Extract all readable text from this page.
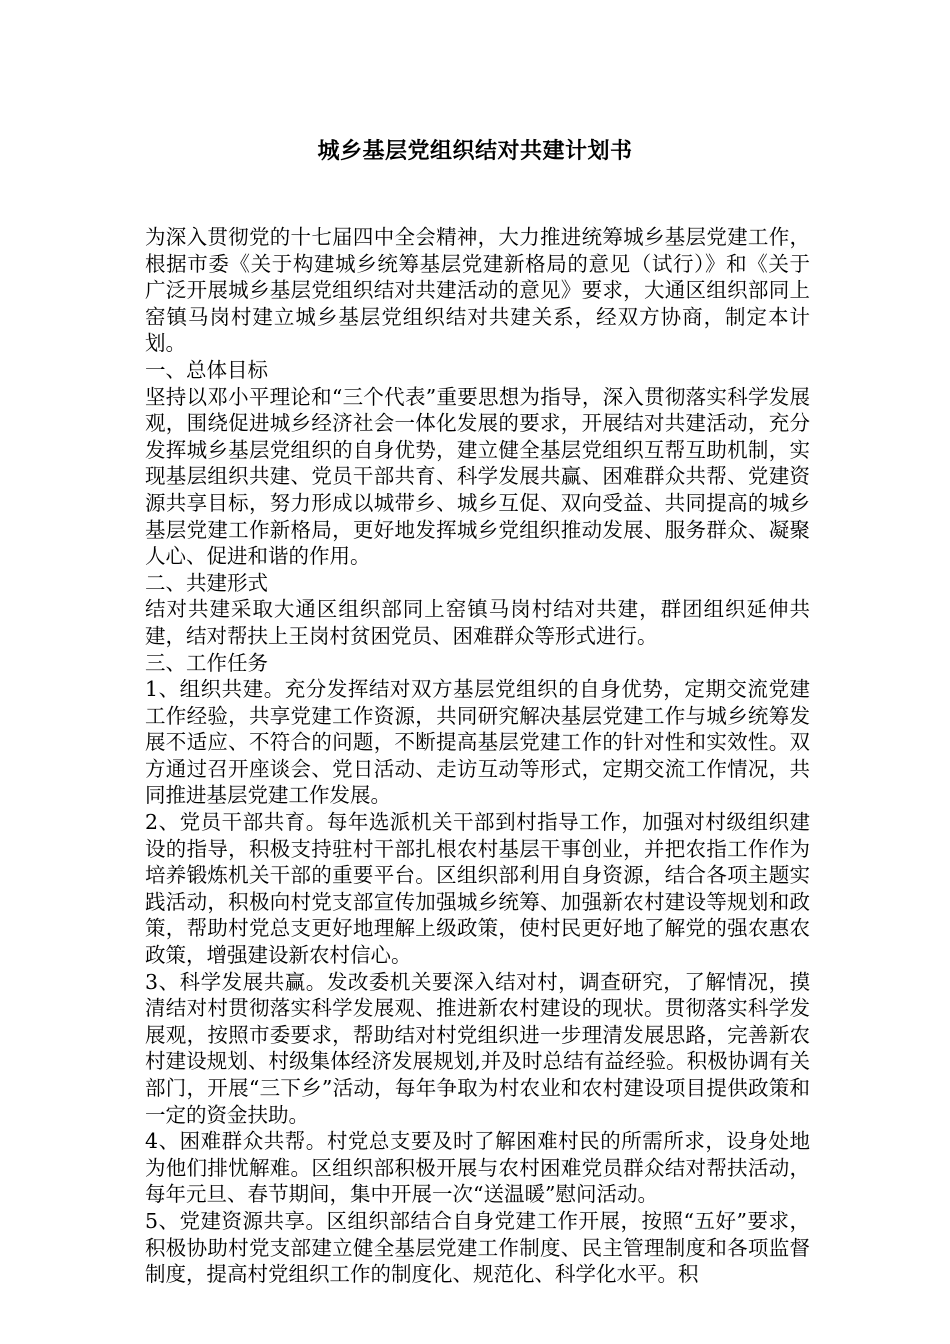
城乡基层党组织结对共建计划书

为深入贯彻党的十七届四中全会精神，大力推进统筹城乡基层党建工作，根据市委《关于构建城乡统筹基层党建新格局的意见（试行）》和《关于广泛开展城乡基层党组织结对共建活动的意见》要求，大通区组织部同上窑镇马岗村建立城乡基层党组织结对共建关系，经双方协商，制定本计划。

一、总体目标

坚持以邓小平理论和“三个代表”重要思想为指导，深入贯彻落实科学发展观，围绕促进城乡经济社会一体化发展的要求，开展结对共建活动，充分发挥城乡基层党组织的自身优势，建立健全基层党组织互帮互助机制，实现基层组织共建、党员干部共育、科学发展共赢、困难群众共帮、党建资源共享目标，努力形成以城带乡、城乡互促、双向受益、共同提高的城乡基层党建工作新格局，更好地发挥城乡党组织推动发展、服务群众、凝聚人心、促进和谐的作用。

二、共建形式

结对共建采取大通区组织部同上窑镇马岗村结对共建，群团组织延伸共建，结对帮扶上王岗村贫困党员、困难群众等形式进行。

三、工作任务

1、组织共建。充分发挥结对双方基层党组织的自身优势，定期交流党建工作经验，共享党建工作资源，共同研究解决基层党建工作与城乡统筹发展不适应、不符合的问题，不断提高基层党建工作的针对性和实效性。双方通过召开座谈会、党日活动、走访互动等形式，定期交流工作情况，共同推进基层党建工作发展。

2、党员干部共育。每年选派机关干部到村指导工作，加强对村级组织建设的指导，积极支持驻村干部扎根农村基层干事创业，并把农指工作作为培养锻炼机关干部的重要平台。区组织部利用自身资源，结合各项主题实践活动，积极向村党支部宣传加强城乡统筹、加强新农村建设等规划和政策，帮助村党总支更好地理解上级政策，使村民更好地了解党的强农惠农政策，增强建设新农村信心。

3、科学发展共赢。发改委机关要深入结对村，调查研究，了解情况，摸清结对村贯彻落实科学发展观、推进新农村建设的现状。贯彻落实科学发展观，按照市委要求，帮助结对村党组织进一步理清发展思路，完善新农村建设规划、村级集体经济发展规划,并及时总结有益经验。积极协调有关部门，开展“三下乡”活动，每年争取为村农业和农村建设项目提供政策和一定的资金扶助。

4、困难群众共帮。村党总支要及时了解困难村民的所需所求，设身处地为他们排忧解难。区组织部积极开展与农村困难党员群众结对帮扶活动，每年元旦、春节期间，集中开展一次“送温暖”慰问活动。

5、党建资源共享。区组织部结合自身党建工作开展，按照“五好”要求，积极协助村党支部建立健全基层党建工作制度、民主管理制度和各项监督制度，提高村党组织工作的制度化、规范化、科学化水平。积
